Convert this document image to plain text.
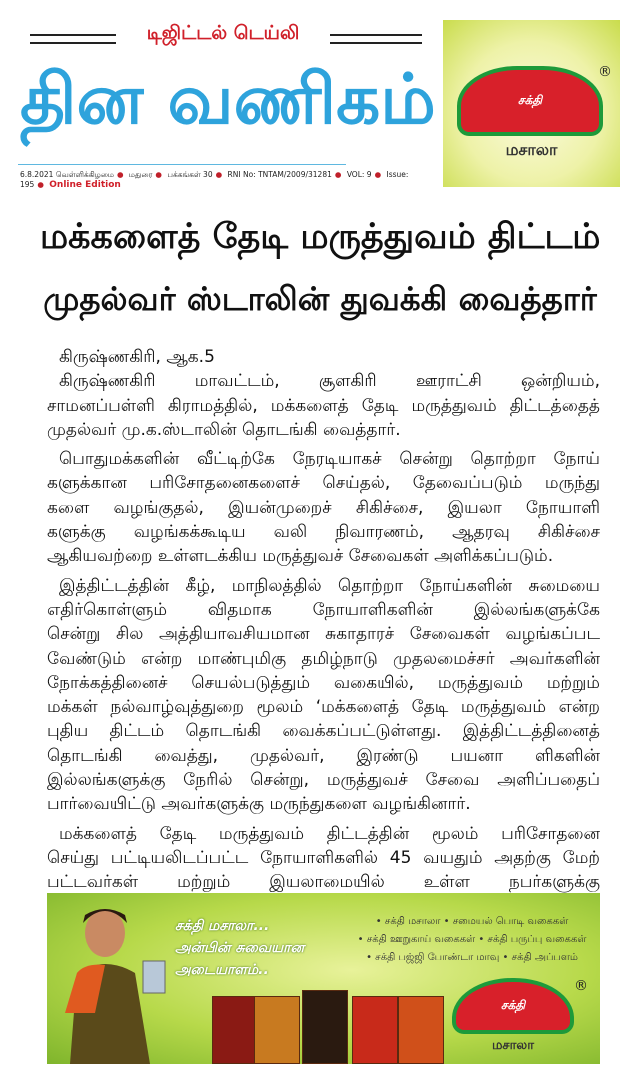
டிஜிட்டல் டெய்லி
தின வணிகம்
6.8.2021 வெள்ளிக்கிழமை ● மதுரை ● பக்கங்கள் 30 ● RNI No: TNTAM/2009/31281 ● VOL: 9 ● Issue: 195 ● Online Edition
®
சக்தி
மசாலா
மக்களைத் தேடி மருத்துவம் திட்டம்
முதல்வர் ஸ்டாலின் துவக்கி வைத்தார்
கிருஷ்ணகிரி, ஆக.5
கிருஷ்ணகிரி மாவட்டம், சூளகிரி ஊராட்சி ஒன்றியம்,
சாமனப்பள்ளி கிராமத்தில், மக்களைத் தேடி மருத்துவம் திட்டத்தைத்
முதல்வர் மு.க.ஸ்டாலின் தொடங்கி வைத்தார்.
பொதுமக்களின் வீட்டிற்கே நேரடியாகச் சென்று தொற்றா நோய்
களுக்கான பரிசோதனைகளைச் செய்தல், தேவைப்படும் மருந்து
களை வழங்குதல், இயன்முறைச் சிகிச்சை, இயலா நோயாளி
களுக்கு வழங்கக்கூடிய வலி நிவாரணம், ஆதரவு சிகிச்சை
ஆகியவற்றை உள்ளடக்கிய மருத்துவச் சேவைகள் அளிக்கப்படும்.
இத்திட்டத்தின் கீழ், மாநிலத்தில் தொற்றா நோய்களின் சுமையை
எதிர்கொள்ளும் விதமாக நோயாளிகளின் இல்லங்களுக்கே
சென்று சில அத்தியாவசியமான சுகாதாரச் சேவைகள் வழங்கப்பட
வேண்டும் என்ற மாண்புமிகு தமிழ்நாடு முதலமைச்சர் அவர்களின்
நோக்கத்தினைச் செயல்படுத்தும் வகையில், மருத்துவம் மற்றும்
மக்கள் நல்வாழ்வுத்துறை மூலம் ‘மக்களைத் தேடி மருத்துவம் என்ற
புதிய திட்டம் தொடங்கி வைக்கப்பட்டுள்ளது. இத்திட்டத்தினைத்
தொடங்கி வைத்து, முதல்வர், இரண்டு பயனா ளிகளின்
இல்லங்களுக்கு நேரில் சென்று, மருத்துவச் சேவை அளிப்பதைப்
பார்வையிட்டு அவர்களுக்கு மருந்துகளை வழங்கினார்.
மக்களைத் தேடி மருத்துவம் திட்டத்தின் மூலம் பரிசோதனை
செய்து பட்டியலிடப்பட்ட நோயாளிகளில் 45 வயதும் அதற்கு மேற்
பட்டவர்கள் மற்றும் இயலாமையில் உள்ள நபர்களுக்கு
சக்தி மசாலா...
அன்பின் சுவையான
அடையாளம்..
• சக்தி மசாலா • சமையல் பொடி வகைகள்
• சக்தி ஊறுகாய் வகைகள் • சக்தி பருப்பு வகைகள்
• சக்தி பஜ்ஜி போண்டா மாவு • சக்தி அப்பளம்
®
சக்தி
மசாலா
